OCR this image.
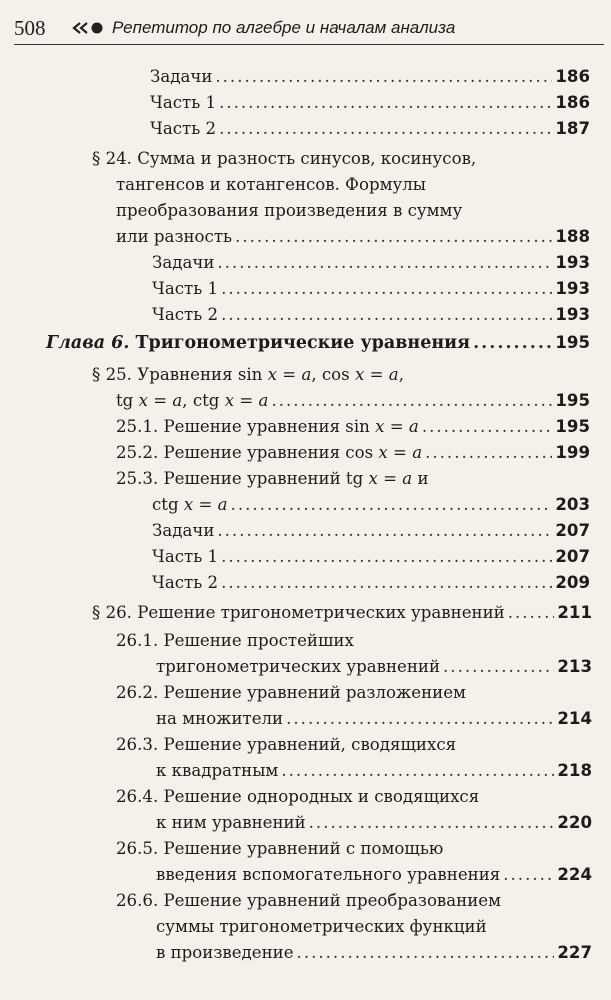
508	Репетитор по алгебре и началам анализа
Задачи .....	186
Часть 1 .....	186
Часть 2 .....	187
§ 24. Сумма и разность синусов, косинусов,
тангенсов и котангенсов. Формулы
преобразования произведения в сумму
или разность .....	188
Задачи .....	193
Часть 1 .....	193
Часть 2 .....	193
Глава 6. Тригонометрические уравнения .....	195
§ 25. Уравнения sin x = a, cos x = a,
tg x = a, ctg x = a .....	195
25.1. Решение уравнения sin x = a .....	195
25.2. Решение уравнения cos x = a .....	199
25.3. Решение уравнений tg x = a и
ctg x = a .....	203
Задачи .....	207
Часть 1 .....	207
Часть 2 .....	209
§ 26. Решение тригонометрических уравнений .....	211
26.1. Решение простейших
тригонометрических уравнений .....	213
26.2. Решение уравнений разложением
на множители .....	214
26.3. Решение уравнений, сводящихся
к квадратным .....	218
26.4. Решение однородных и сводящихся
к ним уравнений .....	220
26.5. Решение уравнений с помощью
введения вспомогательного уравнения .....	224
26.6. Решение уравнений преобразованием
суммы тригонометрических функций
в произведение .....	227
